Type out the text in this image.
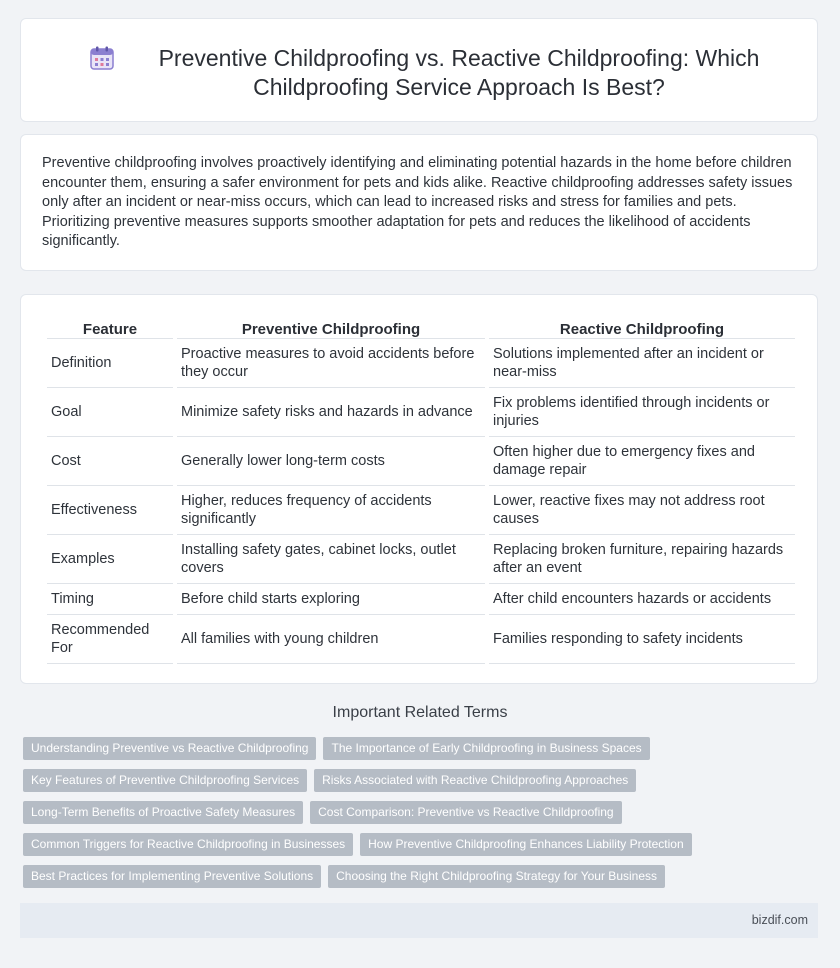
Preventive Childproofing vs. Reactive Childproofing: Which Childproofing Service Approach Is Best?

Preventive childproofing involves proactively identifying and eliminating potential hazards in the home before children encounter them, ensuring a safer environment for pets and kids alike. Reactive childproofing addresses safety issues only after an incident or near-miss occurs, which can lead to increased risks and stress for families and pets. Prioritizing preventive measures supports smoother adaptation for pets and reduces the likelihood of accidents significantly.

Feature	Preventive Childproofing	Reactive Childproofing
Definition	Proactive measures to avoid accidents before they occur	Solutions implemented after an incident or near-miss
Goal	Minimize safety risks and hazards in advance	Fix problems identified through incidents or injuries
Cost	Generally lower long-term costs	Often higher due to emergency fixes and damage repair
Effectiveness	Higher, reduces frequency of accidents significantly	Lower, reactive fixes may not address root causes
Examples	Installing safety gates, cabinet locks, outlet covers	Replacing broken furniture, repairing hazards after an event
Timing	Before child starts exploring	After child encounters hazards or accidents
Recommended For	All families with young children	Families responding to safety incidents
Important Related Terms
Understanding Preventive vs Reactive Childproofing	The Importance of Early Childproofing in Business Spaces
Key Features of Preventive Childproofing Services	Risks Associated with Reactive Childproofing Approaches
Long-Term Benefits of Proactive Safety Measures	Cost Comparison: Preventive vs Reactive Childproofing
Common Triggers for Reactive Childproofing in Businesses	How Preventive Childproofing Enhances Liability Protection
Best Practices for Implementing Preventive Solutions	Choosing the Right Childproofing Strategy for Your Business
bizdif.com
